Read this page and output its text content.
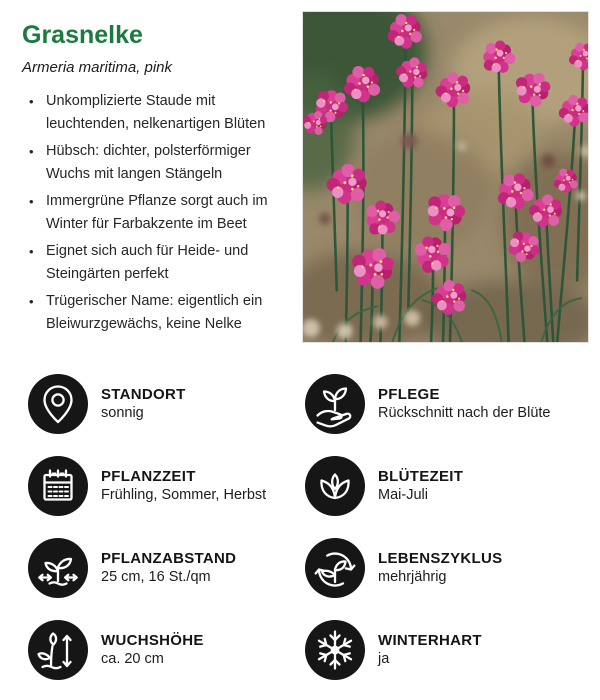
Grasnelke

Armeria maritima, pink

• Unkomplizierte Staude mit leuchtenden, nelkenartigen Blüten
• Hübsch: dichter, polsterförmiger Wuchs mit langen Stängeln
• Immergrüne Pflanze sorgt auch im Winter für Farbakzente im Beet
• Eignet sich auch für Heide- und Steingärten perfekt
• Trügerischer Name: eigentlich ein Bleiwurzgewächs, keine Nelke
STANDORT
sonnig
PFLEGE
Rückschnitt nach der Blüte
PFLANZZEIT
Frühling, Sommer, Herbst
BLÜTEZEIT
Mai-Juli
PFLANZABSTAND
25 cm, 16 St./qm
LEBENSZYKLUS
mehrjährig
WUCHSHÖHE
ca. 20 cm
WINTERHART
ja
